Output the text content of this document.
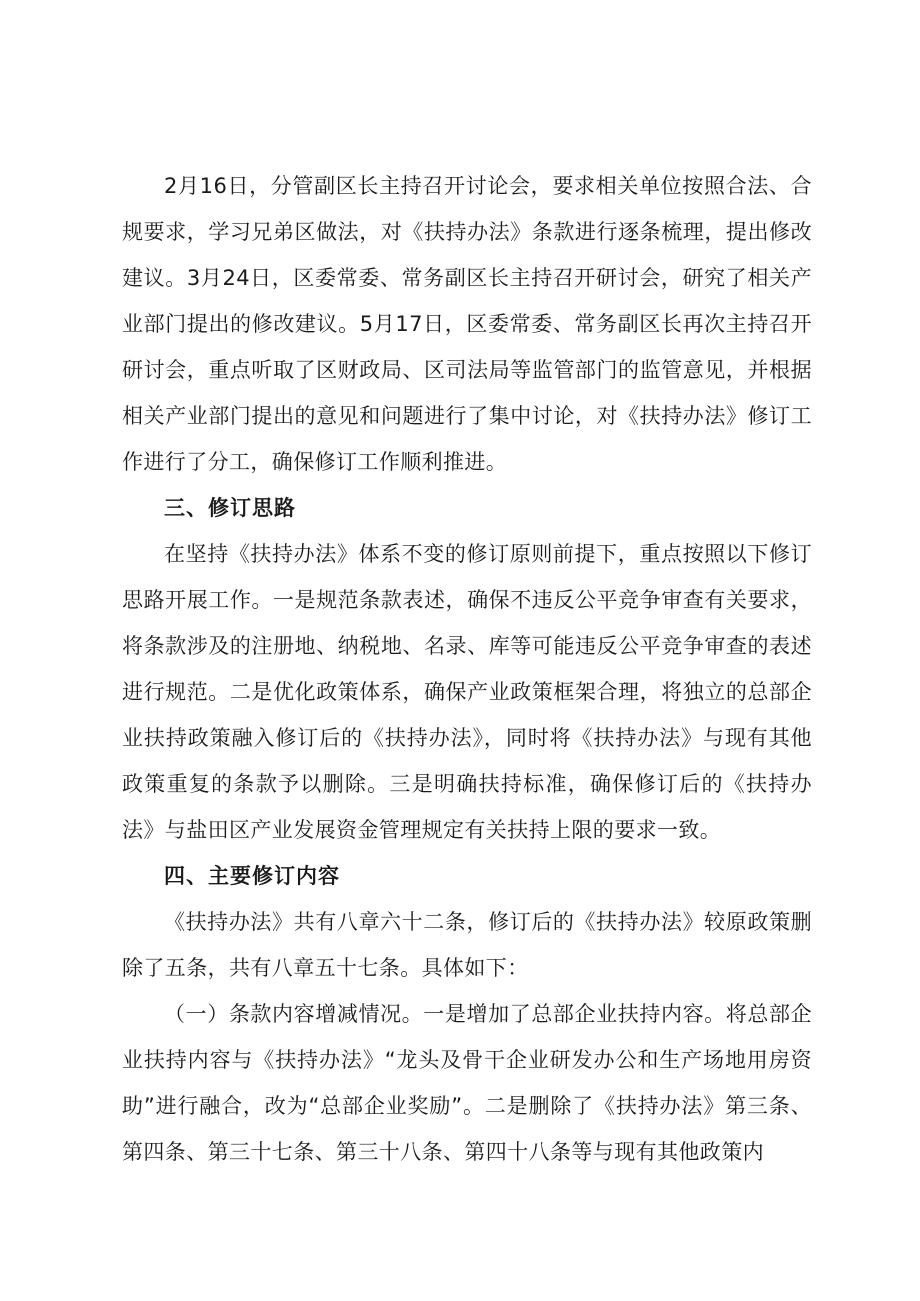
2月16日，分管副区长主持召开讨论会，要求相关单位按照合法、合规要求，学习兄弟区做法，对《扶持办法》条款进行逐条梳理，提出修改建议。3月24日，区委常委、常务副区长主持召开研讨会，研究了相关产业部门提出的修改建议。5月17日，区委常委、常务副区长再次主持召开研讨会，重点听取了区财政局、区司法局等监管部门的监管意见，并根据相关产业部门提出的意见和问题进行了集中讨论，对《扶持办法》修订工作进行了分工，确保修订工作顺利推进。

三、修订思路

在坚持《扶持办法》体系不变的修订原则前提下，重点按照以下修订思路开展工作。一是规范条款表述，确保不违反公平竞争审查有关要求，将条款涉及的注册地、纳税地、名录、库等可能违反公平竞争审查的表述进行规范。二是优化政策体系，确保产业政策框架合理，将独立的总部企业扶持政策融入修订后的《扶持办法》，同时将《扶持办法》与现有其他政策重复的条款予以删除。三是明确扶持标准，确保修订后的《扶持办法》与盐田区产业发展资金管理规定有关扶持上限的要求一致。

四、主要修订内容

《扶持办法》共有八章六十二条，修订后的《扶持办法》较原政策删除了五条，共有八章五十七条。具体如下：

（一）条款内容增减情况。一是增加了总部企业扶持内容。将总部企业扶持内容与《扶持办法》“龙头及骨干企业研发办公和生产场地用房资助”进行融合，改为“总部企业奖励”。二是删除了《扶持办法》第三条、第四条、第三十七条、第三十八条、第四十八条等与现有其他政策内
